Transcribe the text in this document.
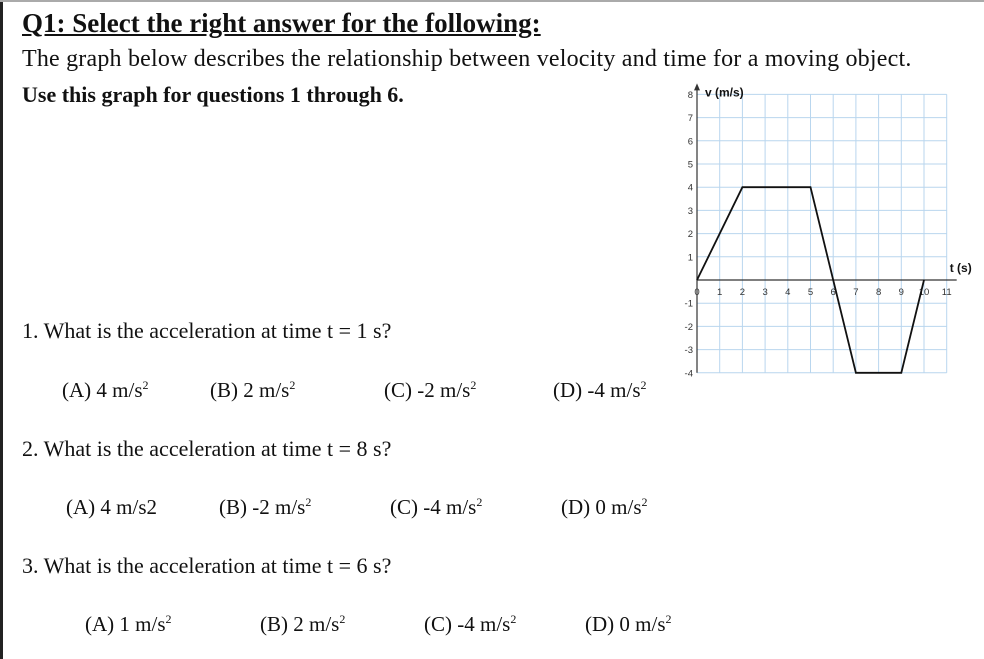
Q1: Select the right answer for the following:
The graph below describes the relationship between velocity and time for a moving object.
Use this graph for questions 1 through 6.
1. What is the acceleration at time t = 1 s?
(A) 4 $m/s^2$	(B) 2 $m/s^2$	(C) -2 $m/s^2$	(D) -4 $m/s^2$
2. What is the acceleration at time t = 8 s?
(A) 4 m/s2	(B) -2 $m/s^2$	(C) -4 $m/s^2$	(D) 0 $m/s^2$
3. What is the acceleration at time t = 6 s?
(A) 1 $m/s^2$	(B) 2 $m/s^2$	(C) -4 $m/s^2$	(D) 0 $m/s^2$
0 1 2 3 4 5 6 7 8 9 10 11
-4
-3
-2
-1
1
2
3
4
5
6
7
8 v (m/s)
t (s)
